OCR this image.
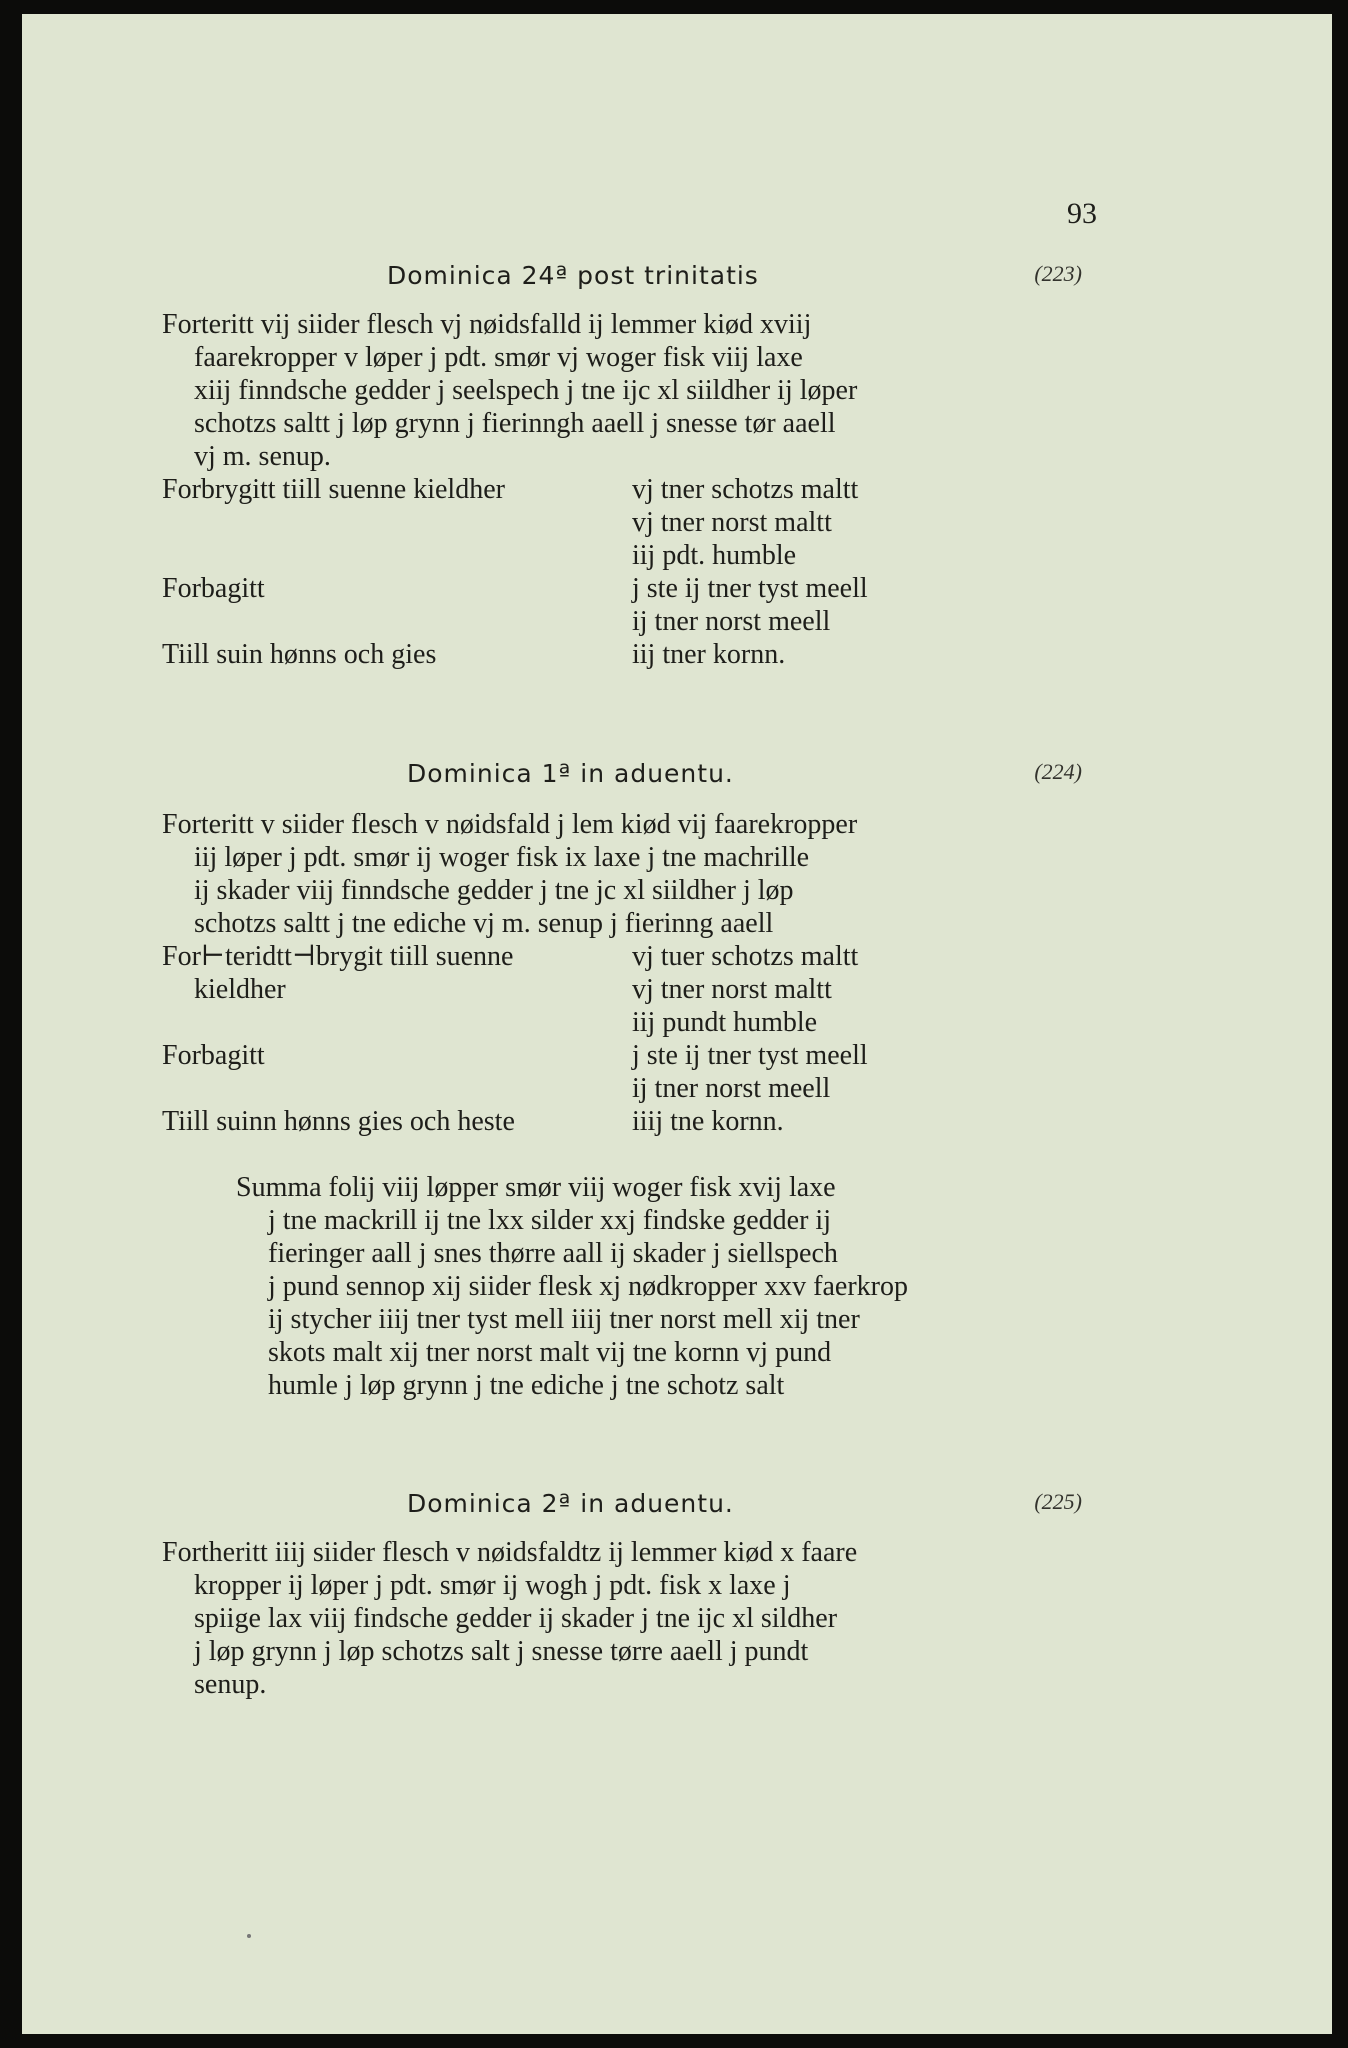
93
Dominica 24ª post trinitatis	(223)
Forteritt vij siider flesch vj nøidsfalld ij lemmer kiød xviij
faarekropper v løper j pdt. smør vj woger fisk viij laxe
xiij finndsche gedder j seelspech j tne ijc xl siildher ij løper
schotzs saltt j løp grynn j fierinngh aaell j snesse tør aaell
vj m. senup.
Forbrygitt tiill suenne kieldher	vj tner schotzs maltt
vj tner norst maltt
iij pdt. humble
Forbagitt	j ste ij tner tyst meell
ij tner norst meell
Tiill suin hønns och gies	iij tner kornn.
Dominica 1ª in aduentu.	(224)
Forteritt v siider flesch v nøidsfald j lem kiød vij faarekropper
iij løper j pdt. smør ij woger fisk ix laxe j tne machrille
ij skader viij finndsche gedder j tne jc xl siildher j løp
schotzs saltt j tne ediche vj m. senup j fierinng aaell
For⊢teridtt⊣brygit tiill suenne	vj tuer schotzs maltt
kieldher	vj tner norst maltt
iij pundt humble
Forbagitt	j ste ij tner tyst meell
ij tner norst meell
Tiill suinn hønns gies och heste	iiij tne kornn.
Summa folij viij løpper smør viij woger fisk xvij laxe
j tne mackrill ij tne lxx silder xxj findske gedder ij
fieringer aall j snes thørre aall ij skader j siellspech
j pund sennop xij siider flesk xj nødkropper xxv faerkrop
ij stycher iiij tner tyst mell iiij tner norst mell xij tner
skots malt xij tner norst malt vij tne kornn vj pund
humle j løp grynn j tne ediche j tne schotz salt
Dominica 2ª in aduentu.	(225)
Fortheritt iiij siider flesch v nøidsfaldtz ij lemmer kiød x faare
kropper ij løper j pdt. smør ij wogh j pdt. fisk x laxe j
spiige lax viij findsche gedder ij skader j tne ijc xl sildher
j løp grynn j løp schotzs salt j snesse tørre aaell j pundt
senup.
